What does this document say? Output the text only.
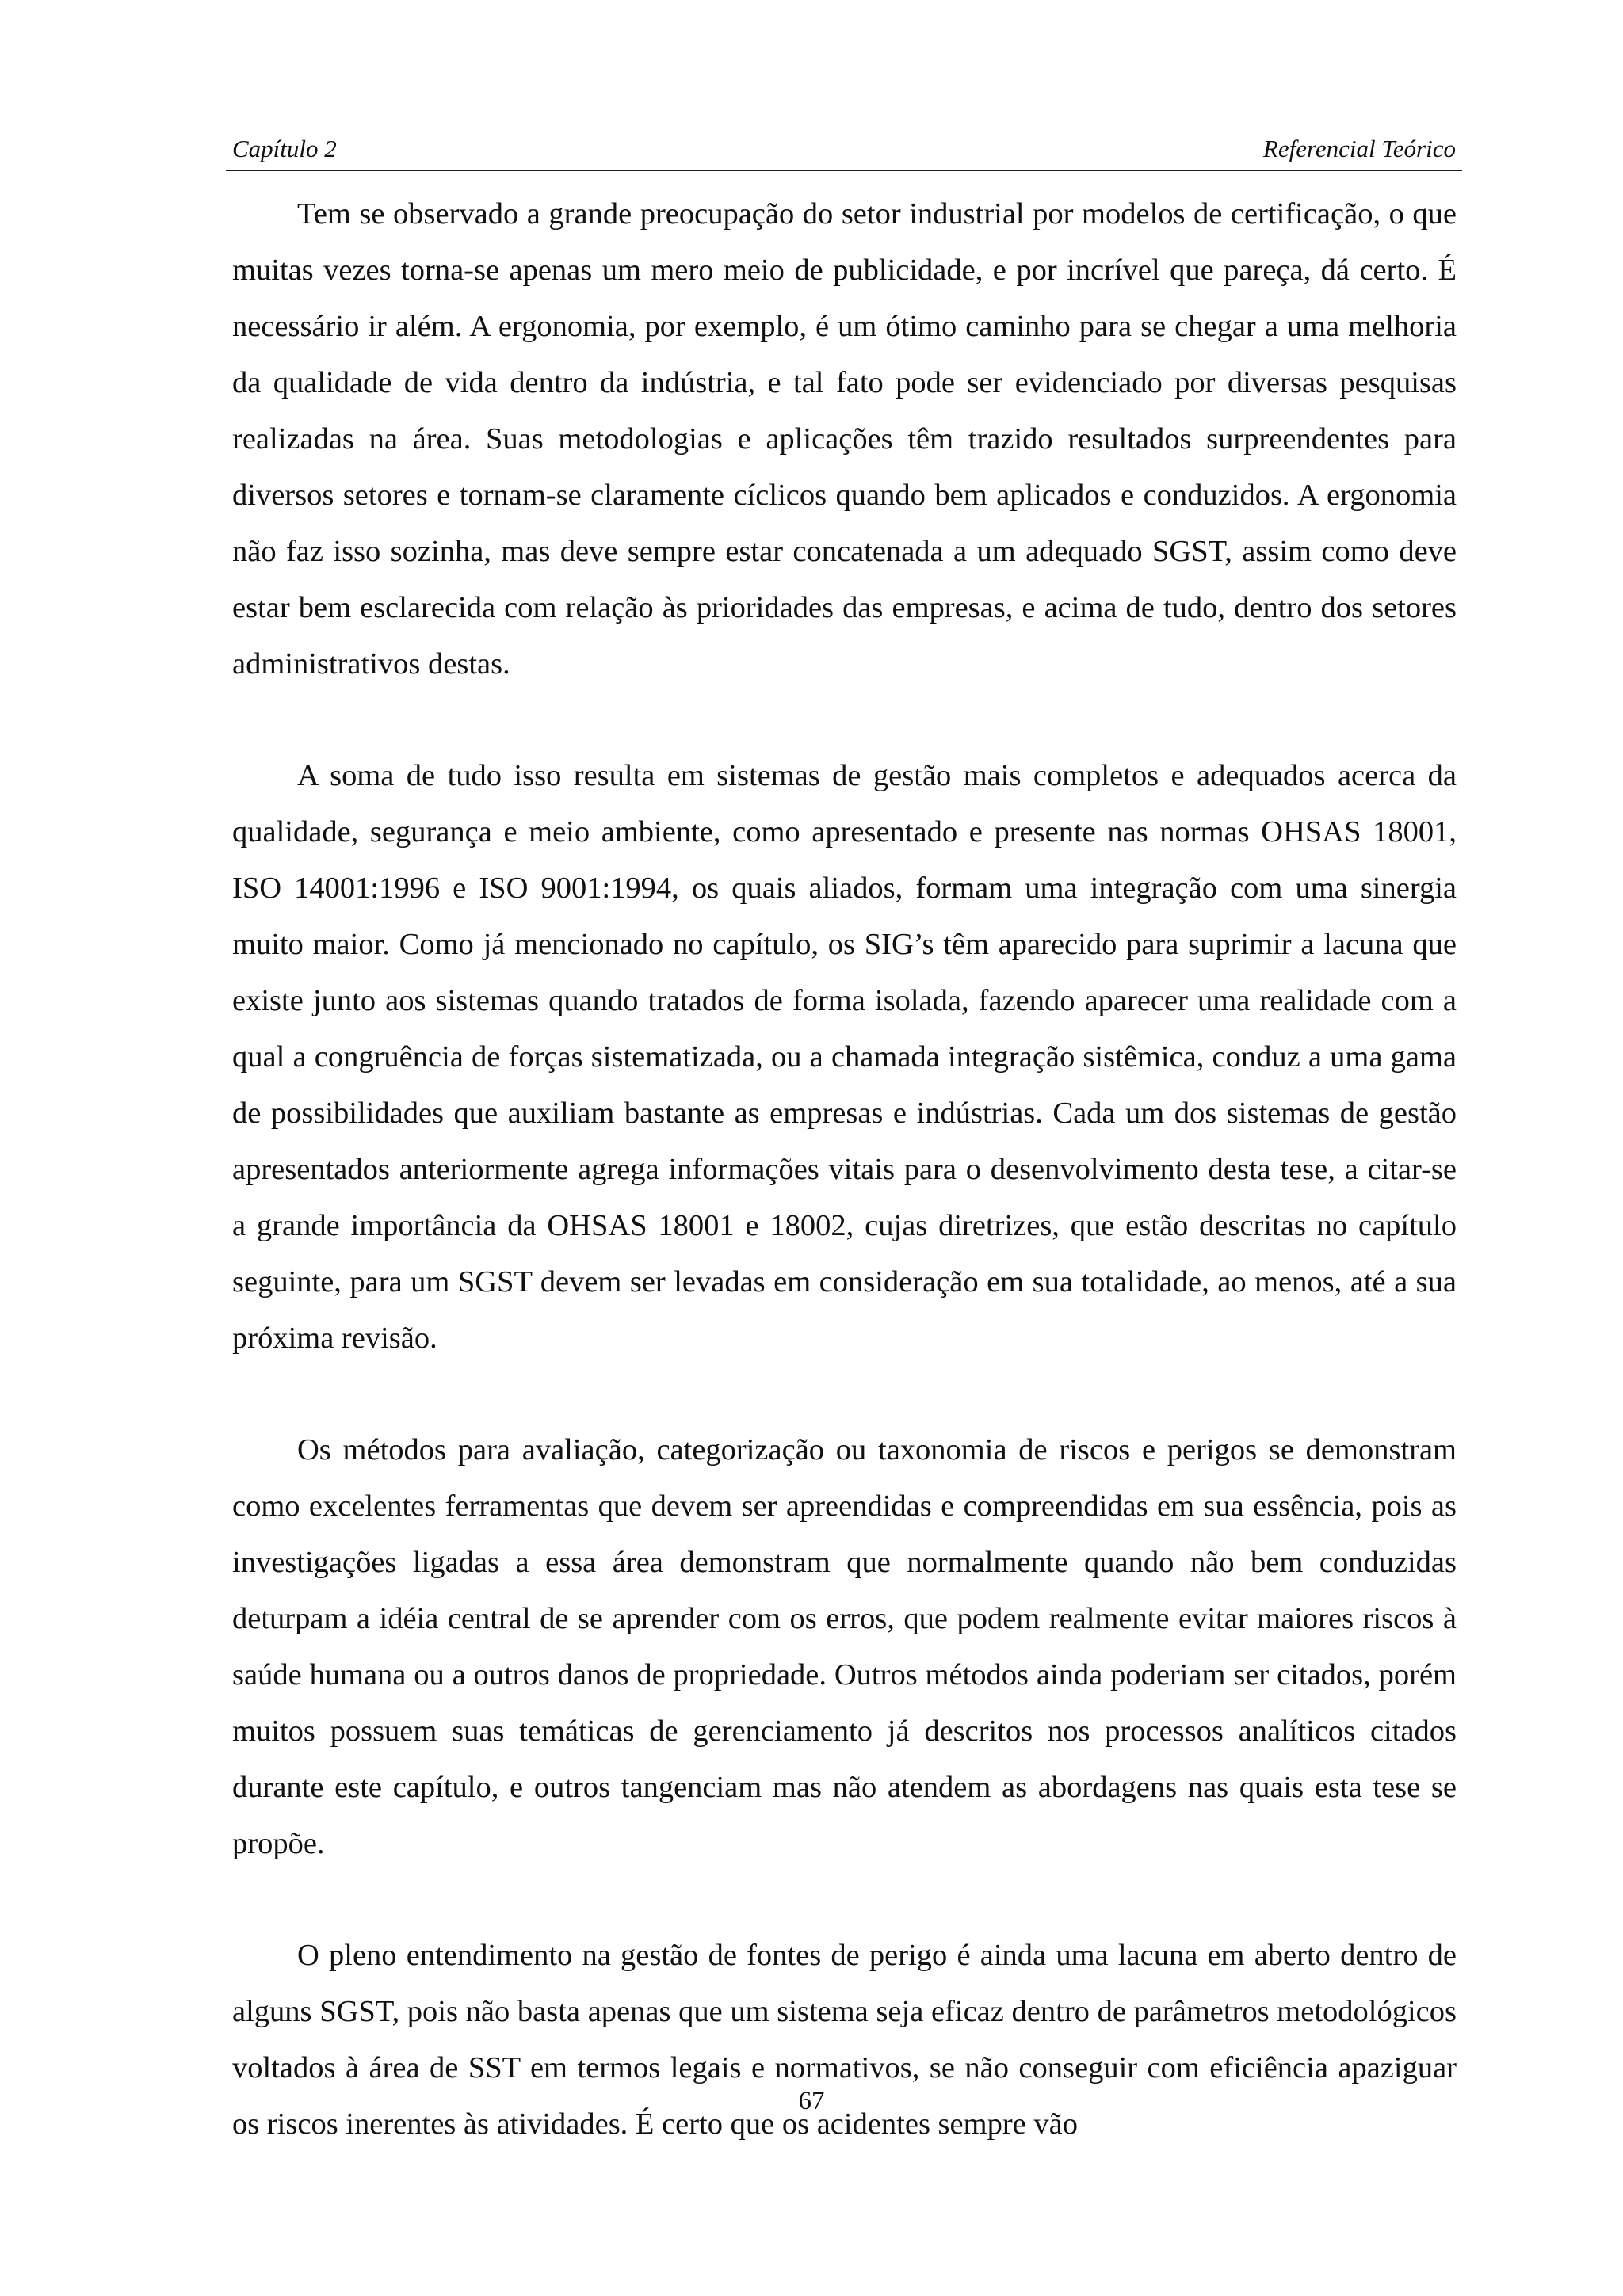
Capítulo 2	Referencial Teórico

Tem se observado a grande preocupação do setor industrial por modelos de certificação, o que muitas vezes torna-se apenas um mero meio de publicidade, e por incrível que pareça, dá certo. É necessário ir além. A ergonomia, por exemplo, é um ótimo caminho para se chegar a uma melhoria da qualidade de vida dentro da indústria, e tal fato pode ser evidenciado por diversas pesquisas realizadas na área. Suas metodologias e aplicações têm trazido resultados surpreendentes para diversos setores e tornam-se claramente cíclicos quando bem aplicados e conduzidos. A ergonomia não faz isso sozinha, mas deve sempre estar concatenada a um adequado SGST, assim como deve estar bem esclarecida com relação às prioridades das empresas, e acima de tudo, dentro dos setores administrativos destas.

A soma de tudo isso resulta em sistemas de gestão mais completos e adequados acerca da qualidade, segurança e meio ambiente, como apresentado e presente nas normas OHSAS 18001, ISO 14001:1996 e ISO 9001:1994, os quais aliados, formam uma integração com uma sinergia muito maior. Como já mencionado no capítulo, os SIG’s têm aparecido para suprimir a lacuna que existe junto aos sistemas quando tratados de forma isolada, fazendo aparecer uma realidade com a qual a congruência de forças sistematizada, ou a chamada integração sistêmica, conduz a uma gama de possibilidades que auxiliam bastante as empresas e indústrias. Cada um dos sistemas de gestão apresentados anteriormente agrega informações vitais para o desenvolvimento desta tese, a citar-se a grande importância da OHSAS 18001 e 18002, cujas diretrizes, que estão descritas no capítulo seguinte, para um SGST devem ser levadas em consideração em sua totalidade, ao menos, até a sua próxima revisão.

Os métodos para avaliação, categorização ou taxonomia de riscos e perigos se demonstram como excelentes ferramentas que devem ser apreendidas e compreendidas em sua essência, pois as investigações ligadas a essa área demonstram que normalmente quando não bem conduzidas deturpam a idéia central de se aprender com os erros, que podem realmente evitar maiores riscos à saúde humana ou a outros danos de propriedade. Outros métodos ainda poderiam ser citados, porém muitos possuem suas temáticas de gerenciamento já descritos nos processos analíticos citados durante este capítulo, e outros tangenciam mas não atendem as abordagens nas quais esta tese se propõe.

O pleno entendimento na gestão de fontes de perigo é ainda uma lacuna em aberto dentro de alguns SGST, pois não basta apenas que um sistema seja eficaz dentro de parâmetros metodológicos voltados à área de SST em termos legais e normativos, se não conseguir com eficiência apaziguar os riscos inerentes às atividades. É certo que os acidentes sempre vão

67
